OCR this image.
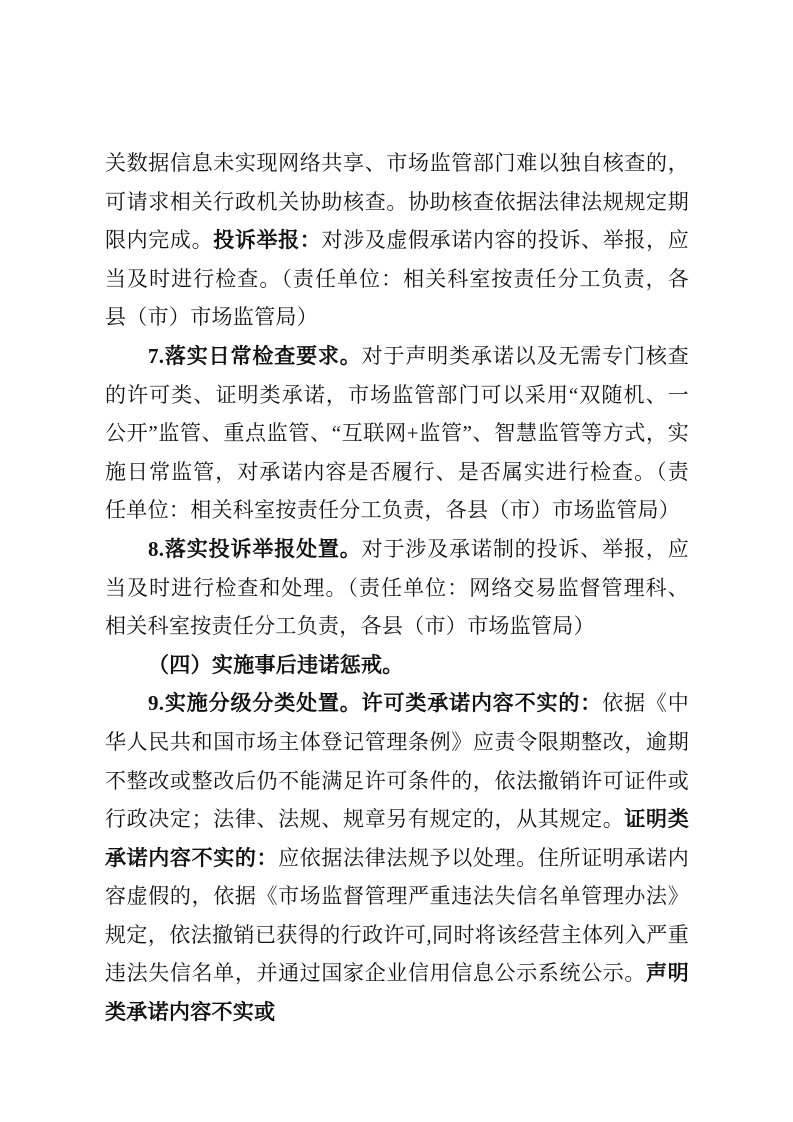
关数据信息未实现网络共享、市场监管部门难以独自核查的，可请求相关行政机关协助核查。协助核查依据法律法规规定期限内完成。投诉举报：对涉及虚假承诺内容的投诉、举报，应当及时进行检查。（责任单位：相关科室按责任分工负责，各县（市）市场监管局）

7.落实日常检查要求。对于声明类承诺以及无需专门核查的许可类、证明类承诺，市场监管部门可以采用“双随机、一公开”监管、重点监管、“互联网+监管”、智慧监管等方式，实施日常监管，对承诺内容是否履行、是否属实进行检查。（责任单位：相关科室按责任分工负责，各县（市）市场监管局）

8.落实投诉举报处置。对于涉及承诺制的投诉、举报，应当及时进行检查和处理。（责任单位：网络交易监督管理科、相关科室按责任分工负责，各县（市）市场监管局）

（四）实施事后违诺惩戒。

9.实施分级分类处置。许可类承诺内容不实的：依据《中华人民共和国市场主体登记管理条例》应责令限期整改，逾期不整改或整改后仍不能满足许可条件的，依法撤销许可证件或行政决定；法律、法规、规章另有规定的，从其规定。证明类承诺内容不实的：应依据法律法规予以处理。住所证明承诺内容虚假的，依据《市场监督管理严重违法失信名单管理办法》规定，依法撤销已获得的行政许可,同时将该经营主体列入严重违法失信名单，并通过国家企业信用信息公示系统公示。声明类承诺内容不实或
